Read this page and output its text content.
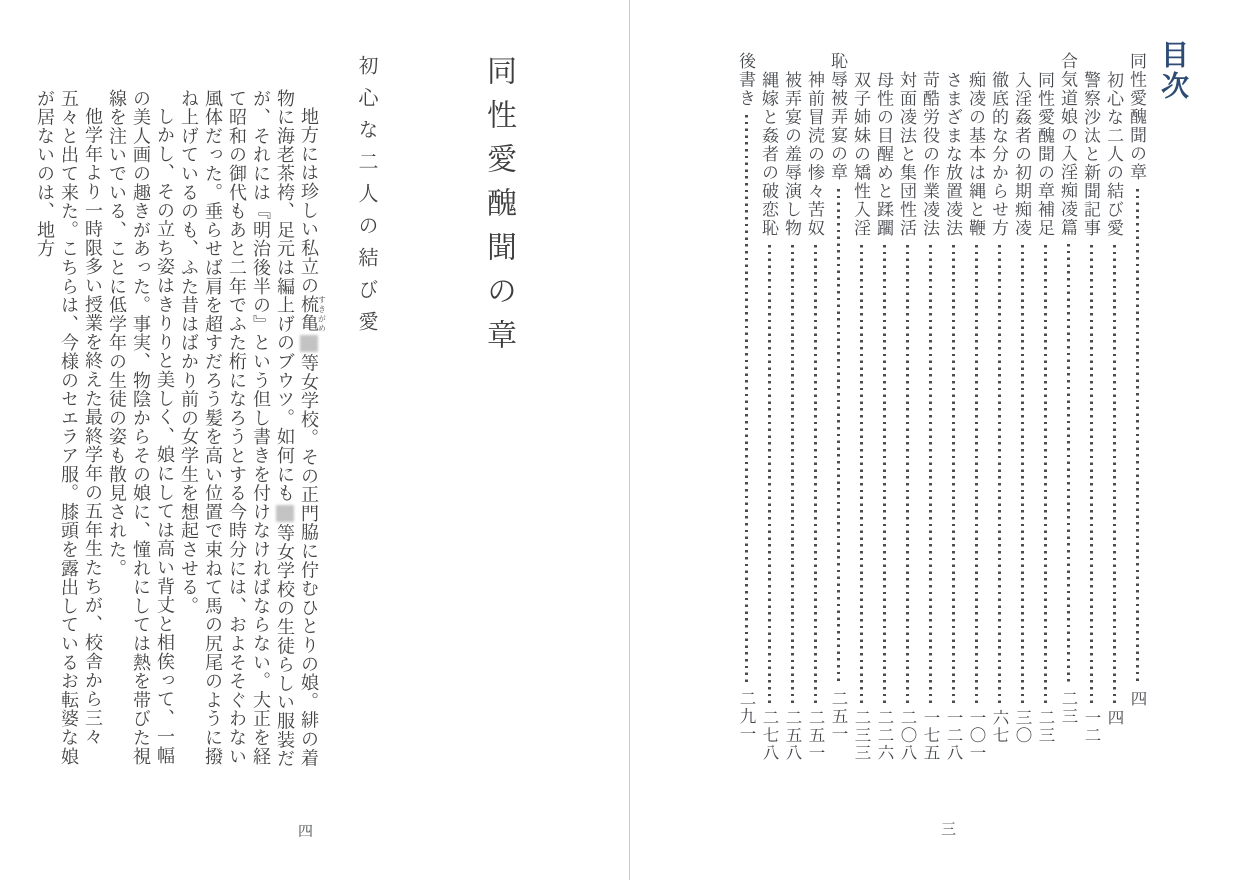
目次
同性愛醜聞の章
四
初心な二人の結び愛
四
警察沙汰と新聞記事
一二
合気道娘の入淫痴凌篇
二三
同性愛醜聞の章補足
二三
入淫姦者の初期痴凌
三〇
徹底的な分からせ方
六七
痴凌の基本は縄と鞭
一〇一
さまざまな放置凌法
一二八
苛酷労役の作業凌法
一七五
対面凌法と集団性活
二〇八
母性の目醒めと蹂躙
二二六
双子姉妹の矯性入淫
二三三
恥辱被弄宴の章
二五一
神前冒涜の惨々苦奴
二五一
被弄宴の羞辱演し物
二五八
縄嫁と姦者の破恋恥
二七八
後書き
二九一
三
同性愛醜聞の章
初心な二人の結び愛

地方には珍しい私立の梳亀すきがめ等女学校。その正門脇に佇むひとりの娘。緋の着物に海老茶袴、足元は編上げのブウツ。如何にも等女学校の生徒らしい服装だが、それには『明治後半の』という但し書きを付けなければならない。大正を経て昭和の御代もあと二年でふた桁になろうとする今時分には、およそそぐわない風体だった。垂らせば肩を超すだろう髪を高い位置で束ねて馬の尻尾のように撥ね上げているのも、ふた昔はばかり前の女学生を想起させる。

しかし、その立ち姿はきりりと美しく、娘にしては高い背丈と相俟って、一幅の美人画の趣きがあった。事実、物陰からその娘に、憧れにしては熱を帯びた視線を注いでいる、ことに低学年の生徒の姿も散見された。

他学年より一時限多い授業を終えた最終学年の五年生たちが、校舎から三々五々と出て来た。こちらは、今様のセエラア服。膝頭を露出しているお転婆な娘が居ないのは、地方

四
